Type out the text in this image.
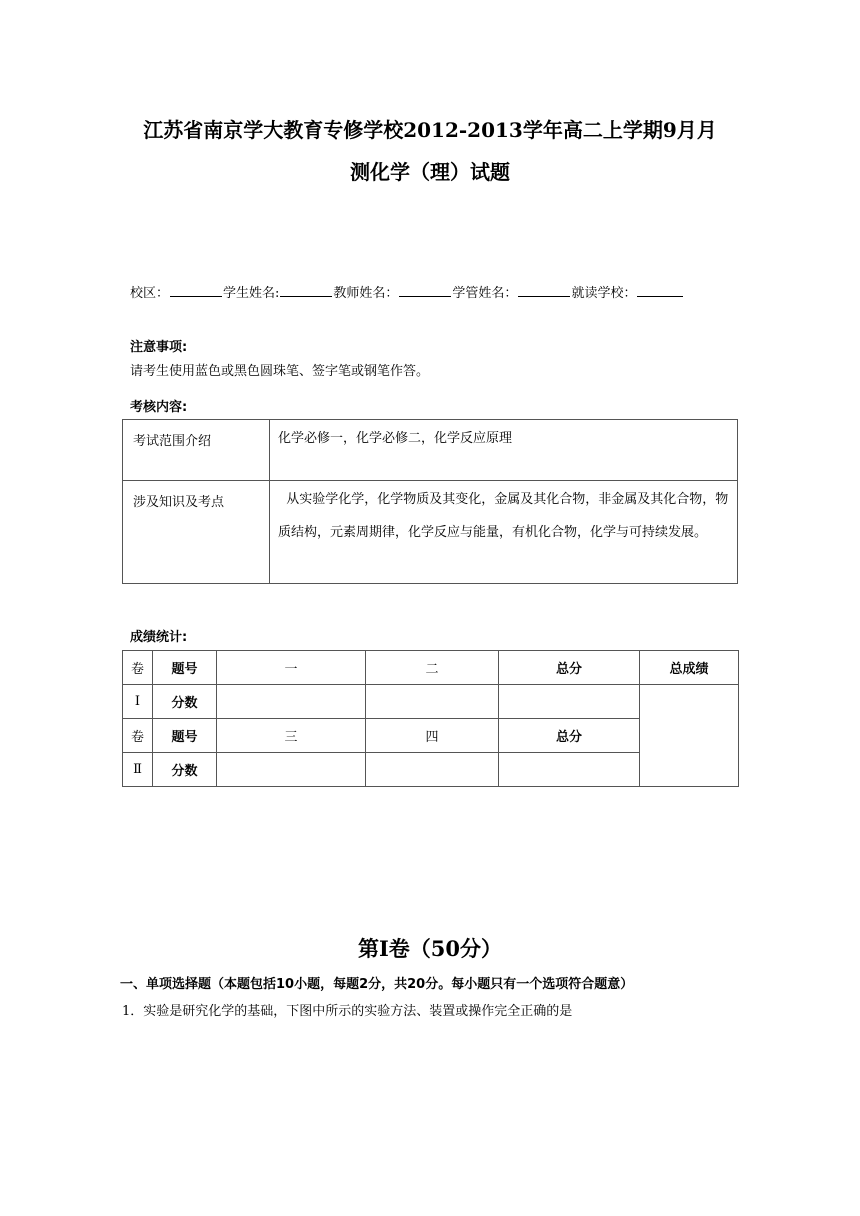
江苏省南京学大教育专修学校2012-2013学年高二上学期9月月
测化学（理）试题
校区：	学生姓名:	教师姓名：	学管姓名：	就读学校：
注意事项:
请考生使用蓝色或黑色圆珠笔、签字笔或钢笔作答。
考核内容:
考试范围介绍	化学必修一，化学必修二，化学反应原理
涉及知识及考点	从实验学化学，化学物质及其变化，金属及其化合物，非金属及其化合物，物质结构，元素周期律，化学反应与能量，有机化合物，化学与可持续发展。
成绩统计:
卷	题号	一	二	总分	总成绩
Ⅰ	分数				
卷	题号	三	四	总分	
Ⅱ	分数				
第Ⅰ卷（50分）
一、单项选择题（本题包括10小题，每题2分，共20分。每小题只有一个选项符合题意）
1．实验是研究化学的基础，下图中所示的实验方法、装置或操作完全正确的是
